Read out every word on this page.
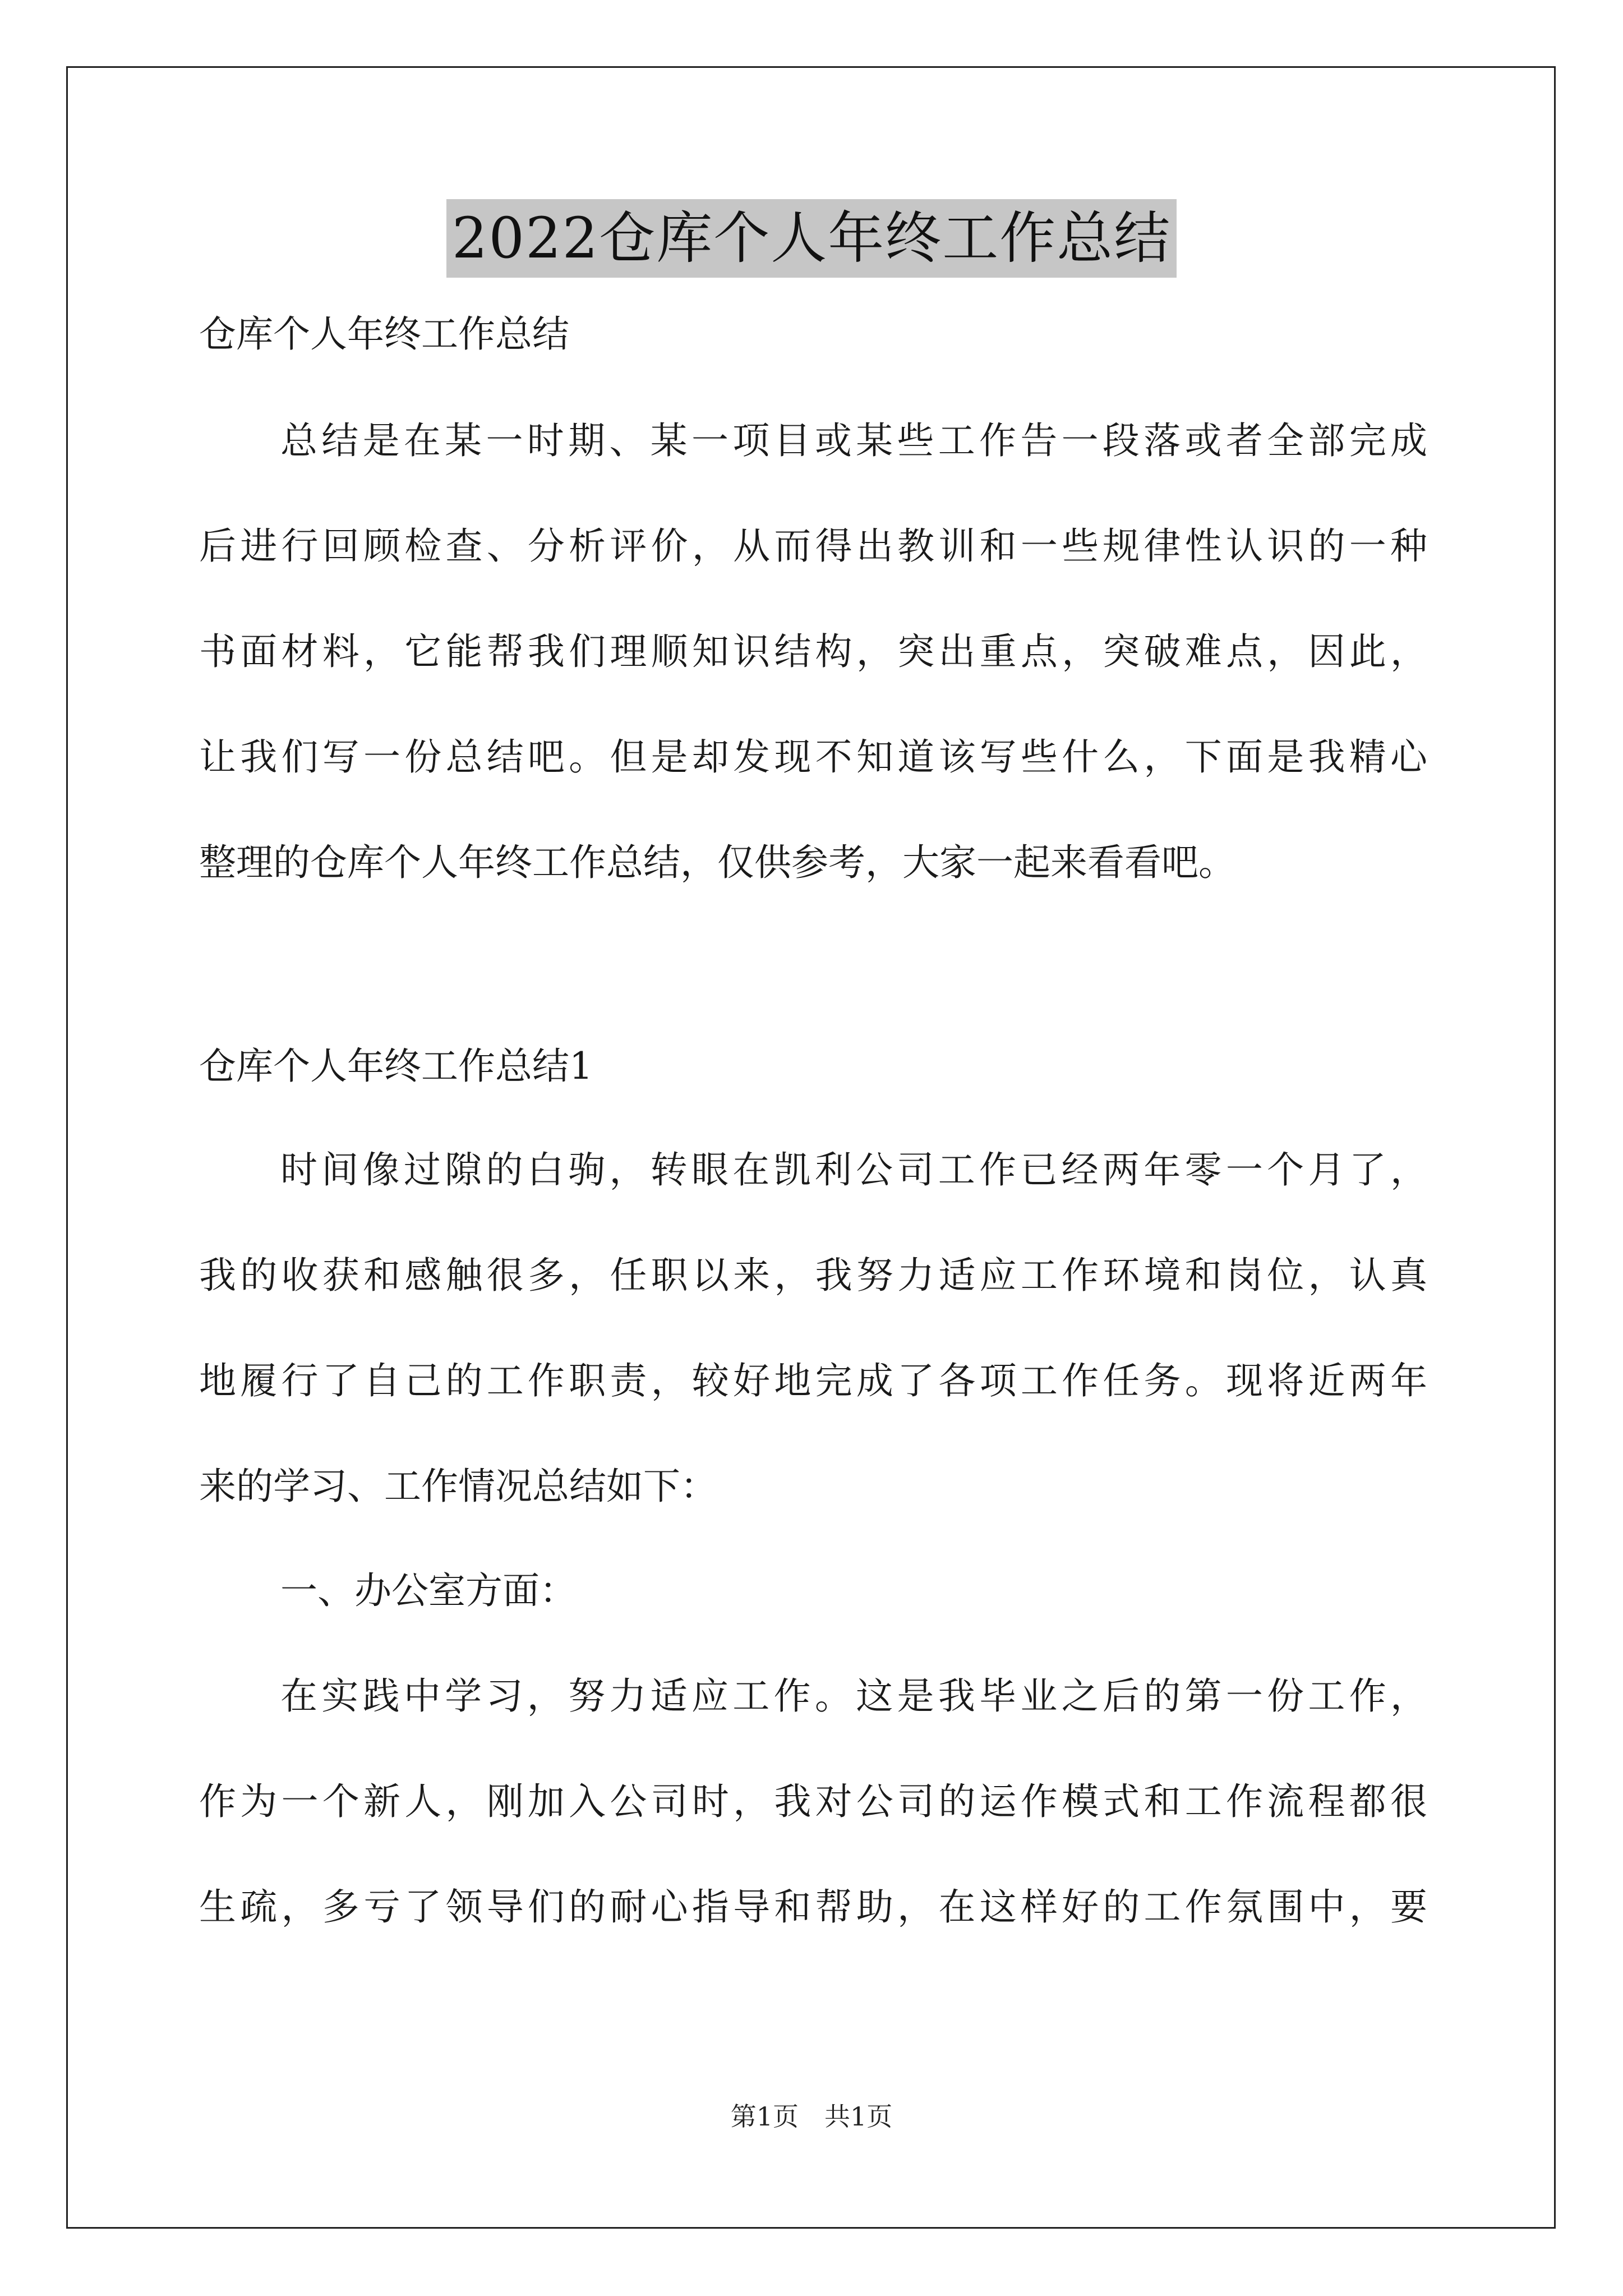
2022仓库个人年终工作总结

仓库个人年终工作总结

总结是在某一时期、某一项目或某些工作告一段落或者全部完成

后进行回顾检查、分析评价，从而得出教训和一些规律性认识的一种

书面材料，它能帮我们理顺知识结构，突出重点，突破难点，因此，

让我们写一份总结吧。但是却发现不知道该写些什么，下面是我精心

整理的仓库个人年终工作总结，仅供参考，大家一起来看看吧。

仓库个人年终工作总结1

时间像过隙的白驹，转眼在凯利公司工作已经两年零一个月了，

我的收获和感触很多，任职以来，我努力适应工作环境和岗位，认真

地履行了自己的工作职责，较好地完成了各项工作任务。现将近两年

来的学习、工作情况总结如下：

一、办公室方面：

在实践中学习，努力适应工作。这是我毕业之后的第一份工作，

作为一个新人，刚加入公司时，我对公司的运作模式和工作流程都很

生疏，多亏了领导们的耐心指导和帮助，在这样好的工作氛围中，要

第1页　共1页
